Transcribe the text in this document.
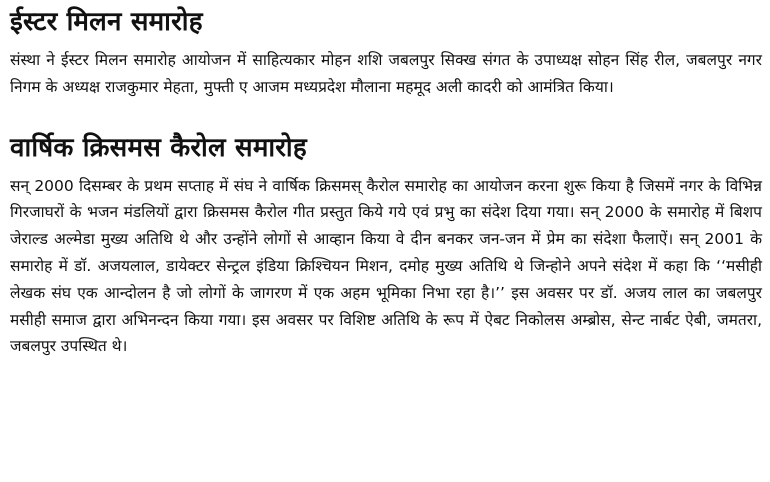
ईस्टर मिलन समारोह

संस्था ने ईस्टर मिलन समारोह आयोजन में साहित्यकार मोहन शशि जबलपुर सिक्ख संगत के उपाध्यक्ष सोहन सिंह रील, जबलपुर नगर निगम के अध्यक्ष राजकुमार मेहता, मुफ्ती ए आजम मध्यप्रदेश मौलाना महमूद अली कादरी को आमंत्रित किया।

वार्षिक क्रिसमस कैरोल समारोह

सन् 2000 दिसम्बर के प्रथम सप्ताह में संघ ने वार्षिक क्रिसमस् कैरोल समारोह का आयोजन करना शुरू किया है जिसमें नगर के विभिन्न गिरजाघरों के भजन मंडलियों द्वारा क्रिसमस कैरोल गीत प्रस्तुत किये गये एवं प्रभु का संदेश दिया गया। सन् 2000 के समारोह में बिशप जेराल्ड अल्मेडा मुख्य अतिथि थे और उन्होंने लोगों से आव्हान किया वे दीन बनकर जन-जन में प्रेम का संदेशा फैलाऐं। सन् 2001 के समारोह में डॉ. अजयलाल, डायेक्टर सेन्ट्रल इंडिया क्रिश्चियन मिशन, दमोह मुख्य अतिथि थे जिन्होने अपने संदेश में कहा कि ‘‘मसीही लेखक संघ एक आन्दोलन है जो लोगों के जागरण में एक अहम भूमिका निभा रहा है।’’ इस अवसर पर डॉ. अजय लाल का जबलपुर मसीही समाज द्वारा अभिनन्दन किया गया। इस अवसर पर विशिष्ट अतिथि के रूप में ऐबट निकोलस अम्ब्रोस, सेन्ट नार्बट ऐबी, जमतरा, जबलपुर उपस्थित थे।
